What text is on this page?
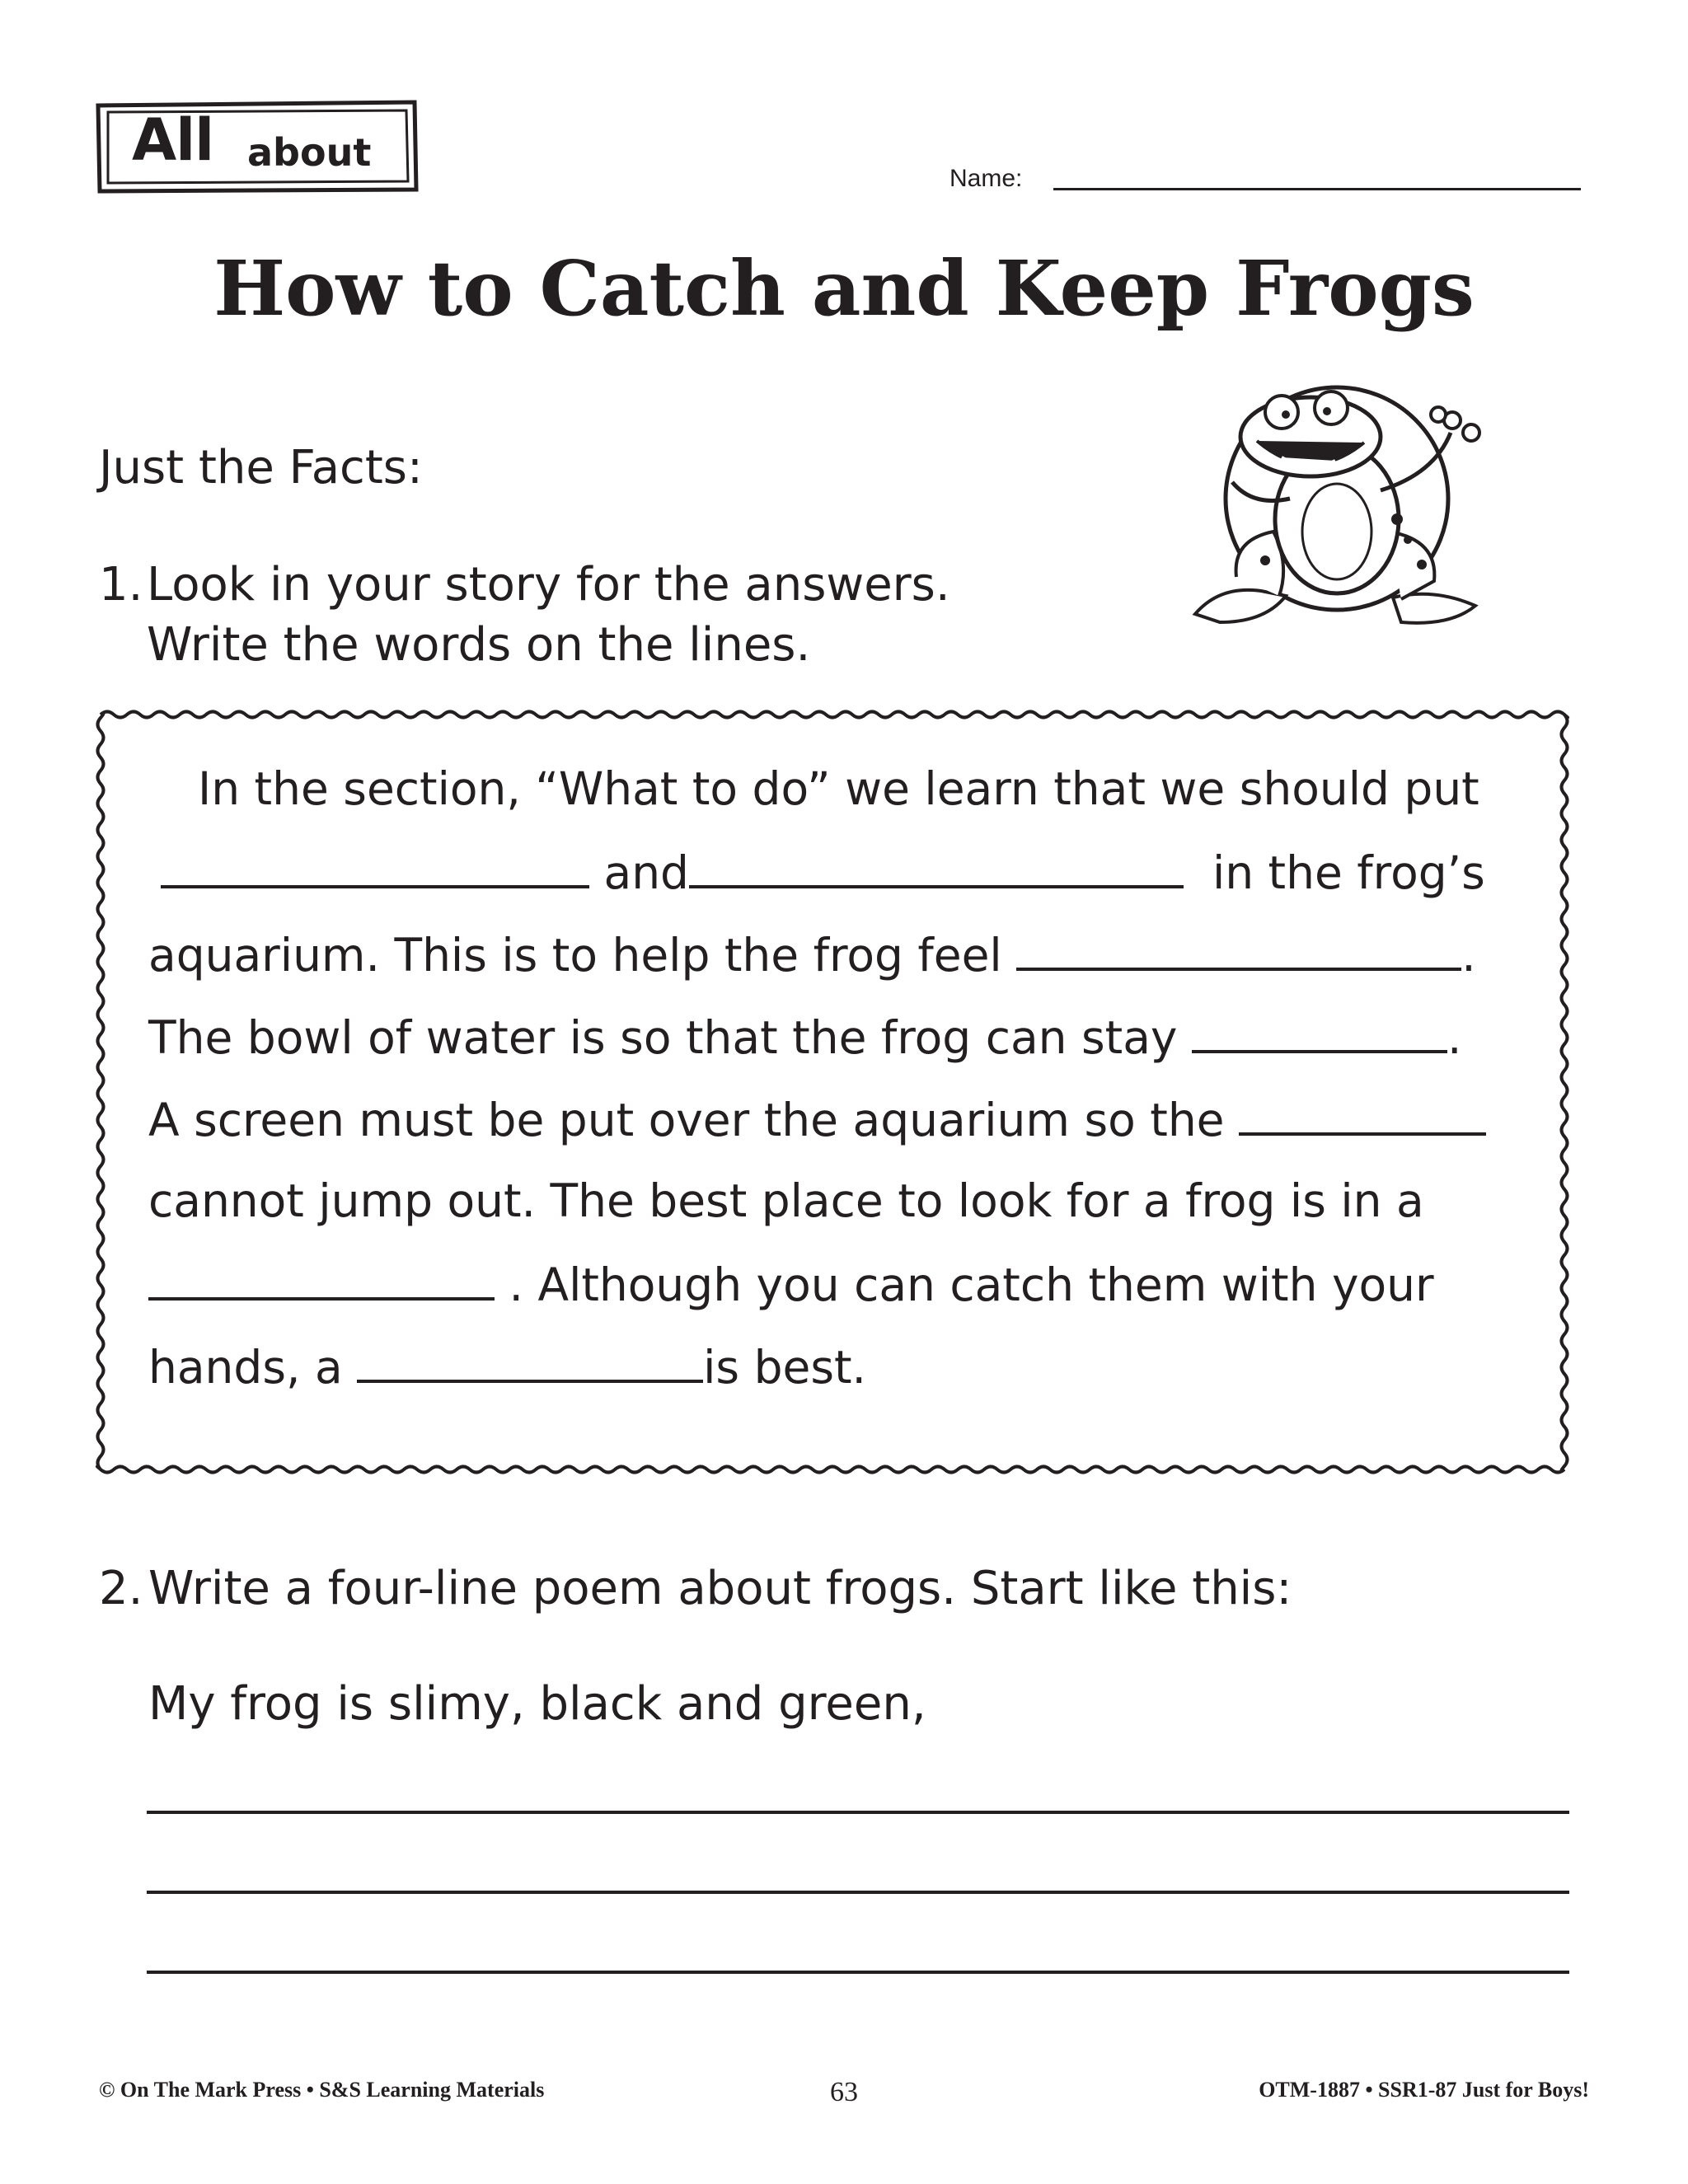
All about
Name:
How to Catch and Keep Frogs
Just the Facts:
1. Look in your story for the answers.
Write the words on the lines.
In the section, “What to do” we learn that we should put
and	in the frog’s
aquarium. This is to help the frog feel	.
The bowl of water is so that the frog can stay	.
A screen must be put over the aquarium so the
cannot jump out. The best place to look for a frog is in a
. Although you can catch them with your
hands, a	is best.
2. Write a four-line poem about frogs. Start like this:
My frog is slimy, black and green,
© On The Mark Press • S&S Learning Materials	63	OTM-1887 • SSR1-87 Just for Boys!
